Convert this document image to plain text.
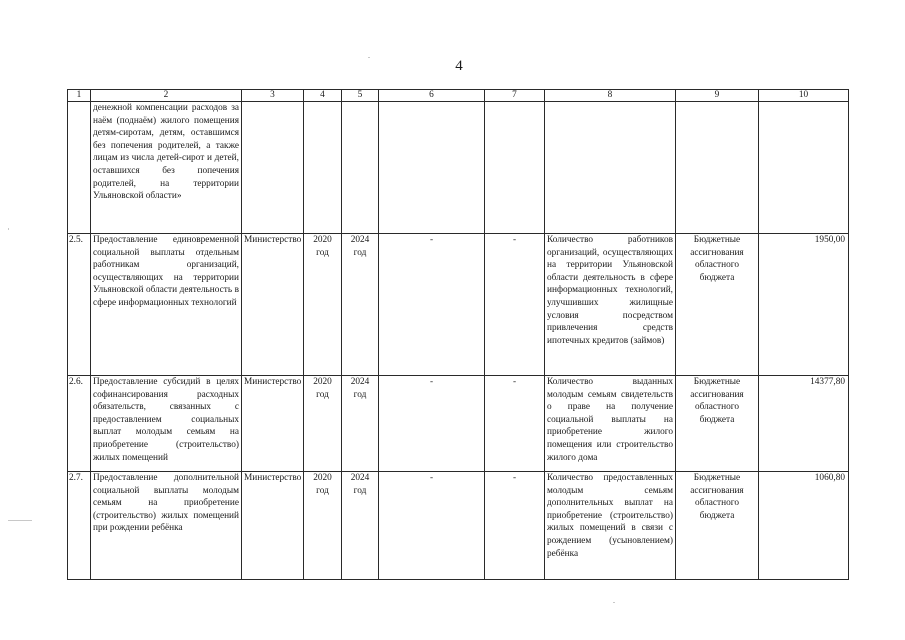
4
1	2	3	4	5	6	7	8	9	10
	денежной компенсации расходов за наём (поднаём) жилого помещения детям-сиротам, детям, оставшимся без попечения родителей, а также лицам из числа детей-сирот и детей, оставшихся без попечения родителей, на территории Ульяновской области»								
2.5.	Предоставление единовременной социальной выплаты отдельным работникам организаций, осуществляющих на территории Ульяновской области деятельность в сфере информационных технологий	Министерство	2020 год	2024 год	-	-	Количество работников организаций, осуществляющих на территории Ульяновской области деятельность в сфере информационных технологий, улучшивших жилищные условия посредством привлечения средств ипотечных кредитов (займов)	Бюджетные ассигнования областного бюджета	1950,00
2.6.	Предоставление субсидий в целях софинансирования расходных обязательств, связанных с предоставлением социальных выплат молодым семьям на приобретение (строительство) жилых помещений	Министерство	2020 год	2024 год	-	-	Количество выданных молодым семьям свидетельств о праве на получение социальной выплаты на приобретение жилого помещения или строительство жилого дома	Бюджетные ассигнования областного бюджета	14377,80
2.7.	Предоставление дополнительной социальной выплаты молодым семьям на приобретение (строительство) жилых помещений при рождении ребёнка	Министерство	2020 год	2024 год	-	-	Количество предоставленных молодым семьям дополнительных выплат на приобретение (строительство) жилых помещений в связи с рождением (усыновлением) ребёнка	Бюджетные ассигнования областного бюджета	1060,80
